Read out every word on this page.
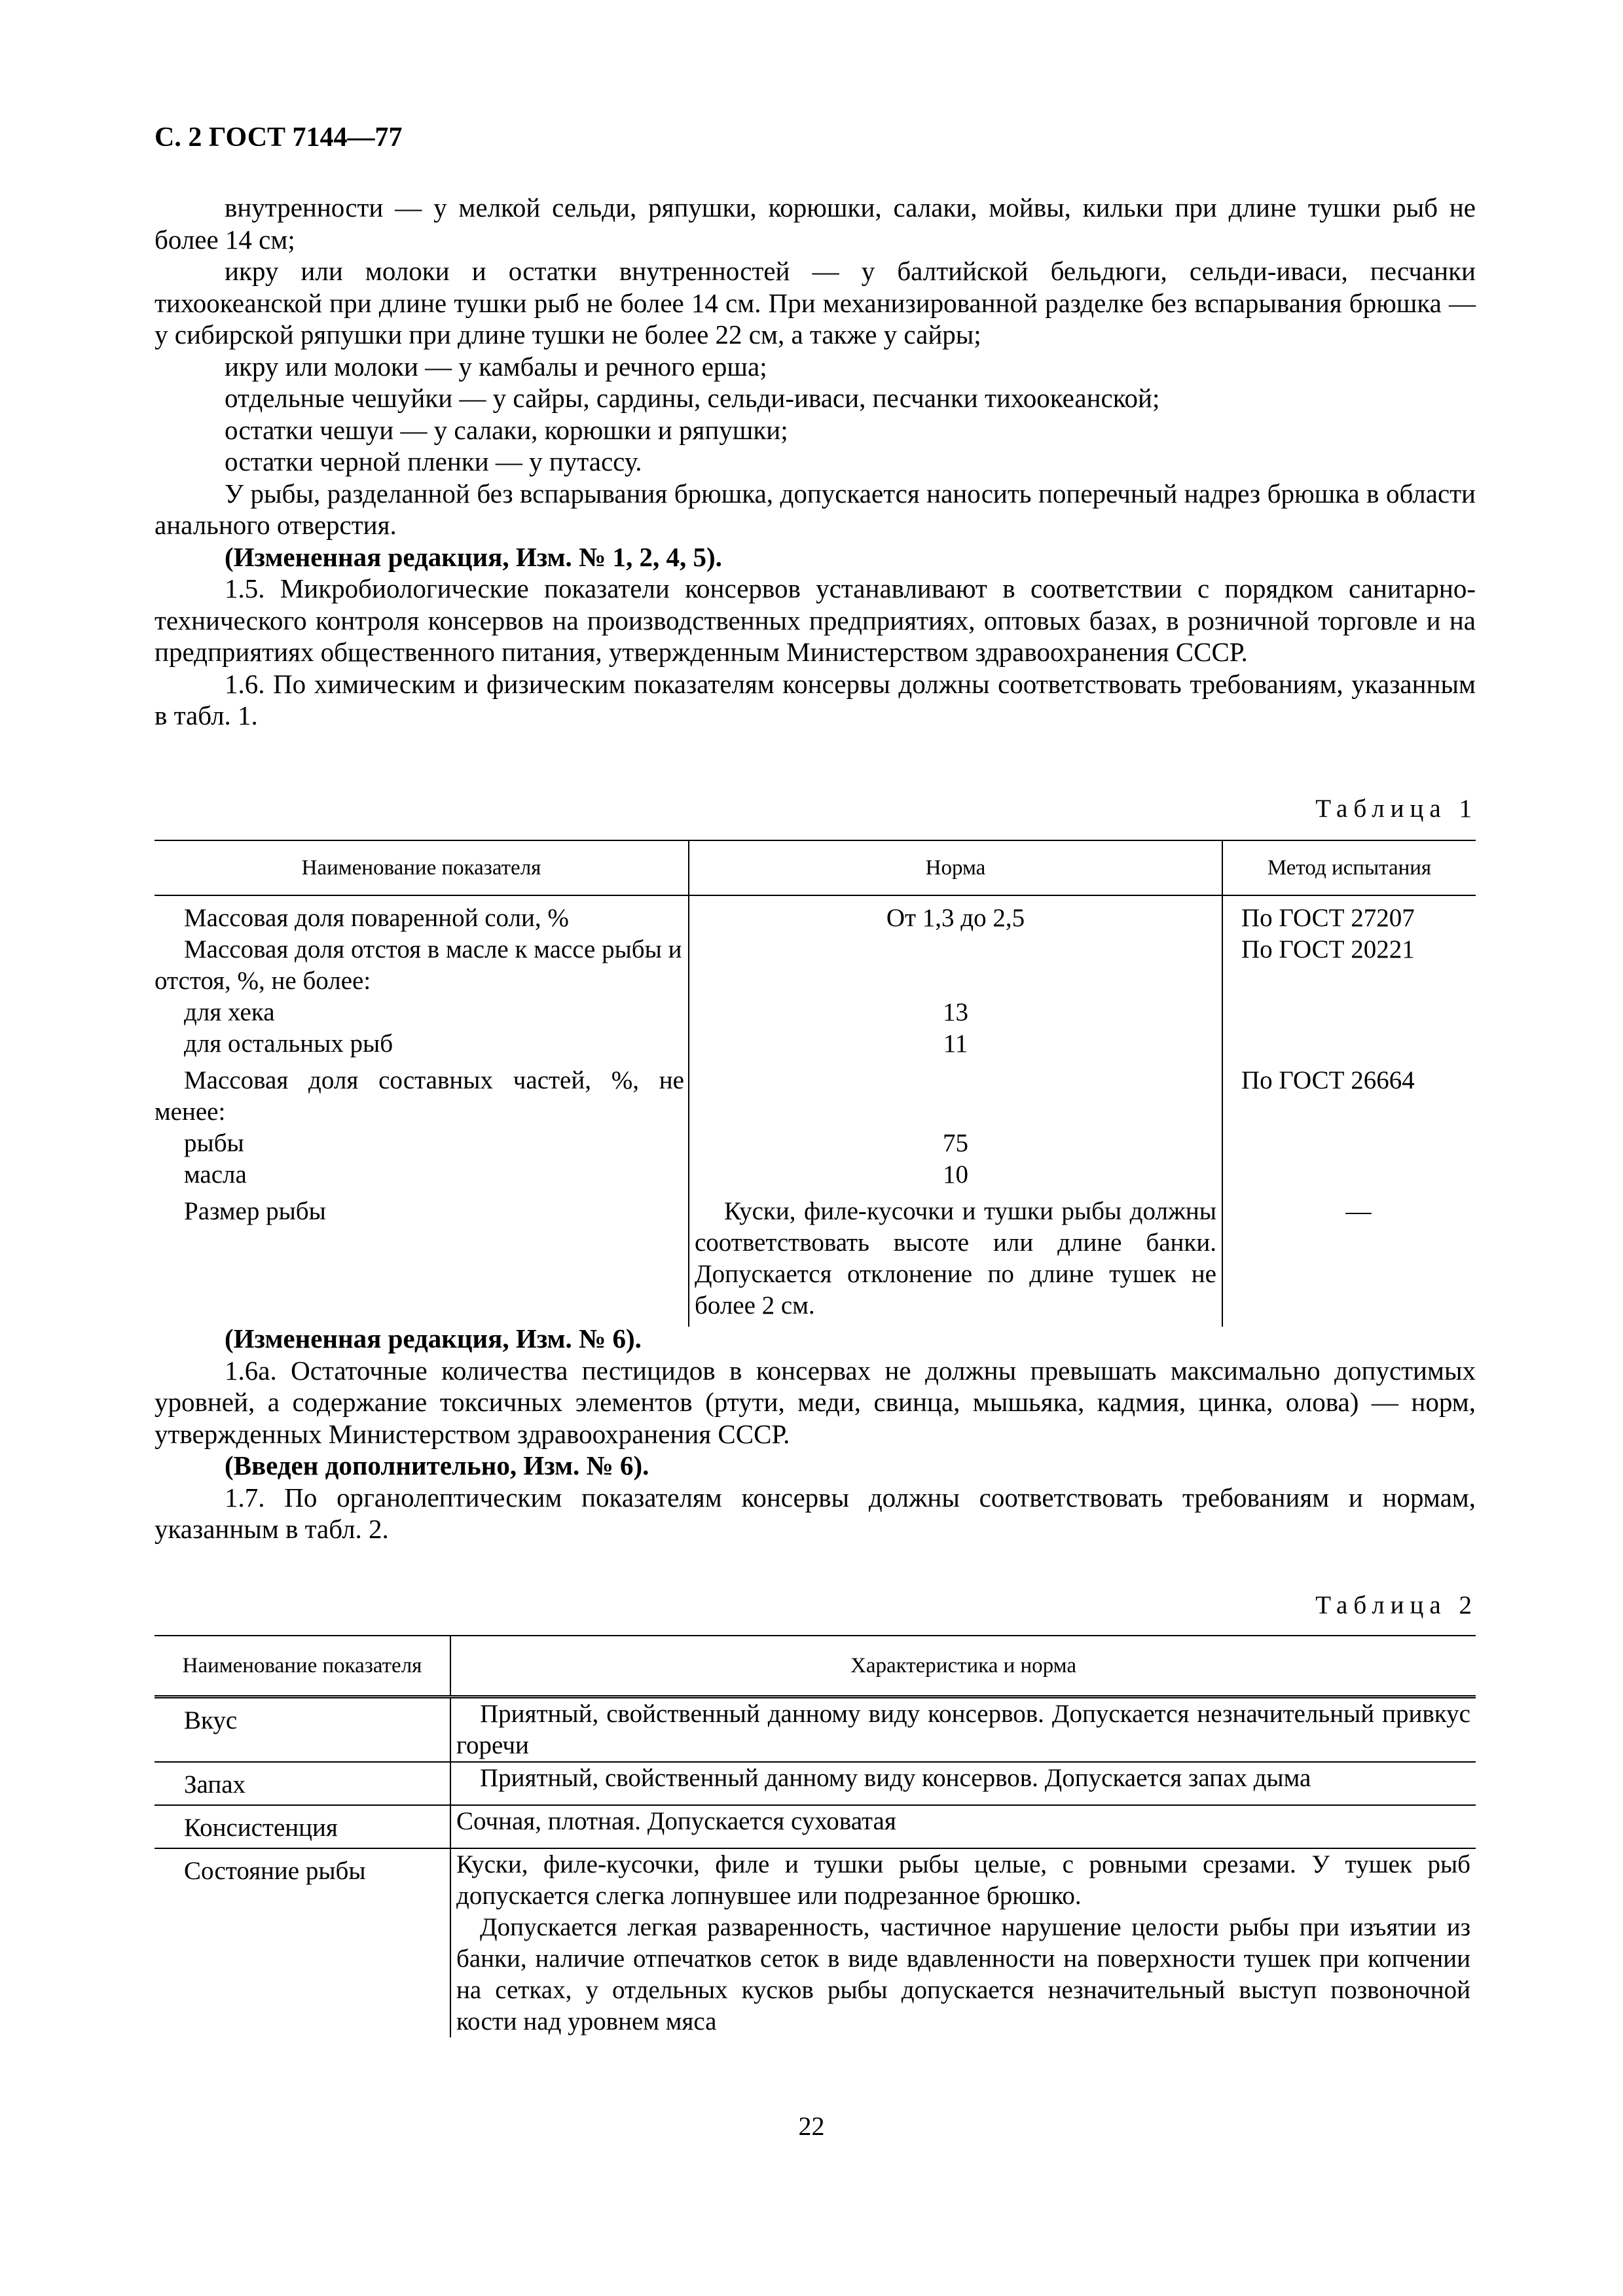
С. 2 ГОСТ 7144—77

внутренности — у мелкой сельди, ряпушки, корюшки, салаки, мойвы, кильки при длине тушки рыб не более 14 см;

икру или молоки и остатки внутренностей — у балтийской бельдюги, сельди-иваси, песчанки тихоокеанской при длине тушки рыб не более 14 см. При механизированной разделке без вспарывания брюшка — у сибирской ряпушки при длине тушки не более 22 см, а также у сайры;

икру или молоки — у камбалы и речного ерша;

отдельные чешуйки — у сайры, сардины, сельди-иваси, песчанки тихоокеанской;

остатки чешуи — у салаки, корюшки и ряпушки;

остатки черной пленки — у путассу.

У рыбы, разделанной без вспарывания брюшка, допускается наносить поперечный надрез брюшка в области анального отверстия.

(Измененная редакция, Изм. № 1, 2, 4, 5).

1.5. Микробиологические показатели консервов устанавливают в соответствии с порядком санитарно-технического контроля консервов на производственных предприятиях, оптовых базах, в розничной торговле и на предприятиях общественного питания, утвержденным Министерством здравоохранения СССР.

1.6. По химическим и физическим показателям консервы должны соответствовать требованиям, указанным в табл. 1.

Таблица 1
Наименование показателя	Норма	Метод испытания
Массовая доля поваренной соли, %	От 1,3 до 2,5	По ГОСТ 27207

Массовая доля отстоя в масле к массе рыбы и отстоя, %, не более:		По ГОСТ 20221
для хека	13	
для остальных рыб	11	

Массовая доля составных частей, %, не менее:		По ГОСТ 26664
рыбы	75	
масла	10	
Размер рыбы	Куски, филе-кусочки и тушки рыбы должны соответствовать высоте или длине банки. Допускается отклонение по длине тушек не более 2 см.	—

(Измененная редакция, Изм. № 6).

1.6а. Остаточные количества пестицидов в консервах не должны превышать максимально допустимых уровней, а содержание токсичных элементов (ртути, меди, свинца, мышьяка, кадмия, цинка, олова) — норм, утвержденных Министерством здравоохранения СССР.

(Введен дополнительно, Изм. № 6).

1.7. По органолептическим показателям консервы должны соответствовать требованиям и нормам, указанным в табл. 2.

Таблица 2
Наименование показателя	Характеристика и норма
Вкус	Приятный, свойственный данному виду консервов. Допускается незначительный привкус горечи

Запах	Приятный, свойственный данному виду консервов. Допускается запах дыма

Консистенция	Сочная, плотная. Допускается суховатая

Состояние рыбы	Куски, филе-кусочки, филе и тушки рыбы целые, с ровными срезами. У тушек рыб допускается слегка лопнувшее или подрезанное брюшко.

Допускается легкая разваренность, частичное нарушение целости рыбы при изъятии из банки, наличие отпечатков сеток в виде вдавленности на поверхности тушек при копчении на сетках, у отдельных кусков рыбы допускается незначительный выступ позвоночной кости над уровнем мяса

22
